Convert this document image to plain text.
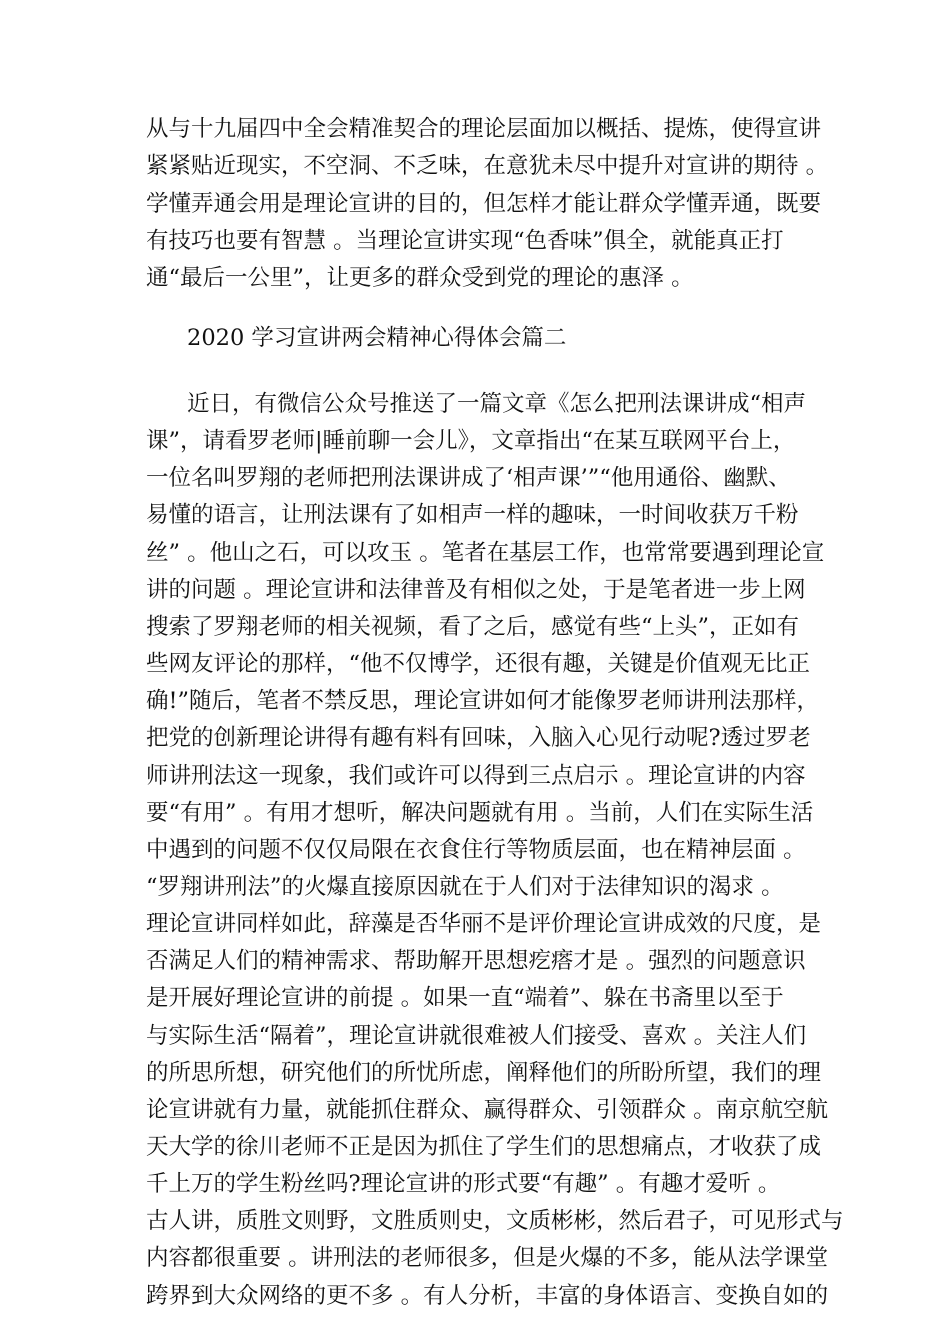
从与十九届四中全会精准契合的理论层面加以概括、提炼，使得宣讲
紧紧贴近现实，不空洞、不乏味，在意犹未尽中提升对宣讲的期待 。
学懂弄通会用是理论宣讲的目的，但怎样才能让群众学懂弄通，既要
有技巧也要有智慧 。当理论宣讲实现“色香味”俱全，就能真正打
通“最后一公里”，让更多的群众受到党的理论的惠泽 。
2020 学习宣讲两会精神心得体会篇二
近日，有微信公众号推送了一篇文章《怎么把刑法课讲成“相声
课”，请看罗老师|睡前聊一会儿》，文章指出“在某互联网平台上，
一位名叫罗翔的老师把刑法课讲成了‘相声课’”“他用通俗、幽默、
易懂的语言，让刑法课有了如相声一样的趣味，一时间收获万千粉
丝” 。他山之石，可以攻玉 。笔者在基层工作，也常常要遇到理论宣
讲的问题 。理论宣讲和法律普及有相似之处，于是笔者进一步上网
搜索了罗翔老师的相关视频，看了之后，感觉有些“上头”，正如有
些网友评论的那样，“他不仅博学，还很有趣，关键是价值观无比正
确!”随后，笔者不禁反思，理论宣讲如何才能像罗老师讲刑法那样，
把党的创新理论讲得有趣有料有回味，入脑入心见行动呢?透过罗老
师讲刑法这一现象，我们或许可以得到三点启示 。理论宣讲的内容
要“有用” 。有用才想听，解决问题就有用 。当前，人们在实际生活
中遇到的问题不仅仅局限在衣食住行等物质层面，也在精神层面 。
“罗翔讲刑法”的火爆直接原因就在于人们对于法律知识的渴求 。
理论宣讲同样如此，辞藻是否华丽不是评价理论宣讲成效的尺度，是
否满足人们的精神需求、帮助解开思想疙瘩才是 。强烈的问题意识
是开展好理论宣讲的前提 。如果一直“端着”、躲在书斋里以至于
与实际生活“隔着”，理论宣讲就很难被人们接受、喜欢 。关注人们
的所思所想，研究他们的所忧所虑，阐释他们的所盼所望，我们的理
论宣讲就有力量，就能抓住群众、赢得群众、引领群众 。南京航空航
天大学的徐川老师不正是因为抓住了学生们的思想痛点，才收获了成
千上万的学生粉丝吗?理论宣讲的形式要“有趣” 。有趣才爱听 。
古人讲，质胜文则野，文胜质则史，文质彬彬，然后君子，可见形式与
内容都很重要 。讲刑法的老师很多，但是火爆的不多，能从法学课堂
跨界到大众网络的更不多 。有人分析，丰富的身体语言、变换自如的
